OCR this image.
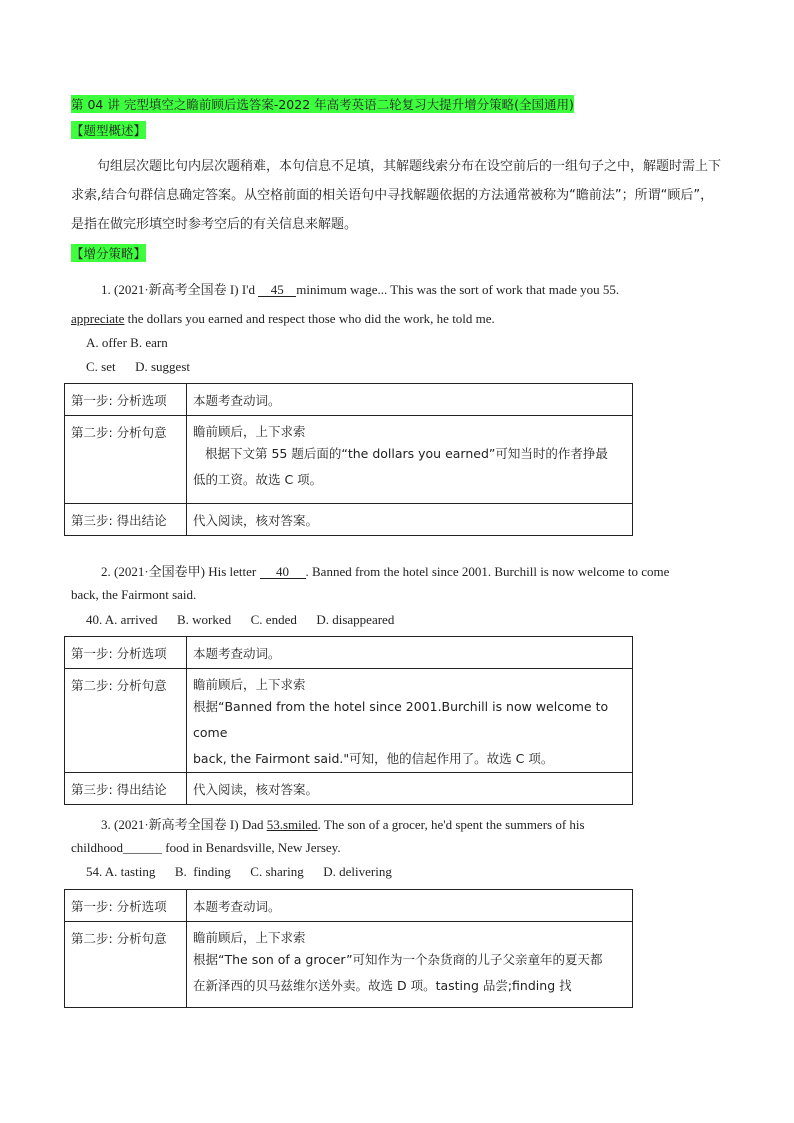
第 04 讲 完型填空之瞻前顾后选答案-2022 年高考英语二轮复习大提升增分策略(全国通用)
【题型概述】
句组层次题比句内层次题稍难，本句信息不足填，其解题线索分布在设空前后的一组句子之中，解题时需上下求索,结合句群信息确定答案。从空格前面的相关语句中寻找解题依据的方法通常被称为“瞻前法”；所谓“顾后”，是指在做完形填空时参考空后的有关信息来解题。
【增分策略】
1. (2021·新高考全国卷 I) I'd 45 minimum wage... This was the sort of work that made you 55.
appreciate the dollars you earned and respect those who did the work, he told me.
A. offer B. earn
C. set      D. suggest
第一步: 分析选项	本题考查动词。
第二步: 分析句意	瞻前顾后，上下求索
根据下文第 55 题后面的“the dollars you earned”可知当时的作者挣最
低的工资。故选 C 项。

第三步: 得出结论	代入阅读，核对答案。
2. (2021·全国卷甲) His letter 40 . Banned from the hotel since 2001. Burchill is now welcome to come
back, the Fairmont said.
40. A. arrived      B. worked      C. ended      D. disappeared
第一步: 分析选项	本题考查动词。
第二步: 分析句意	瞻前顾后，上下求索
根据“Banned from the hotel since 2001.Burchill is now welcome to come
back, the Fairmont said."可知，他的信起作用了。故选 C 项。

第三步: 得出结论	代入阅读，核对答案。
3. (2021·新高考全国卷 I) Dad 53.smiled. The son of a grocer, he'd spent the summers of his
childhood______ food in Benardsville, New Jersey.
54. A. tasting      B.  finding      C. sharing      D. delivering
第一步: 分析选项	本题考查动词。
第二步: 分析句意	瞻前顾后，上下求索
根据“The son of a grocer”可知作为一个杂货商的儿子父亲童年的夏天都
在新泽西的贝马兹维尔送外卖。故选 D 项。tasting 品尝;finding 找
